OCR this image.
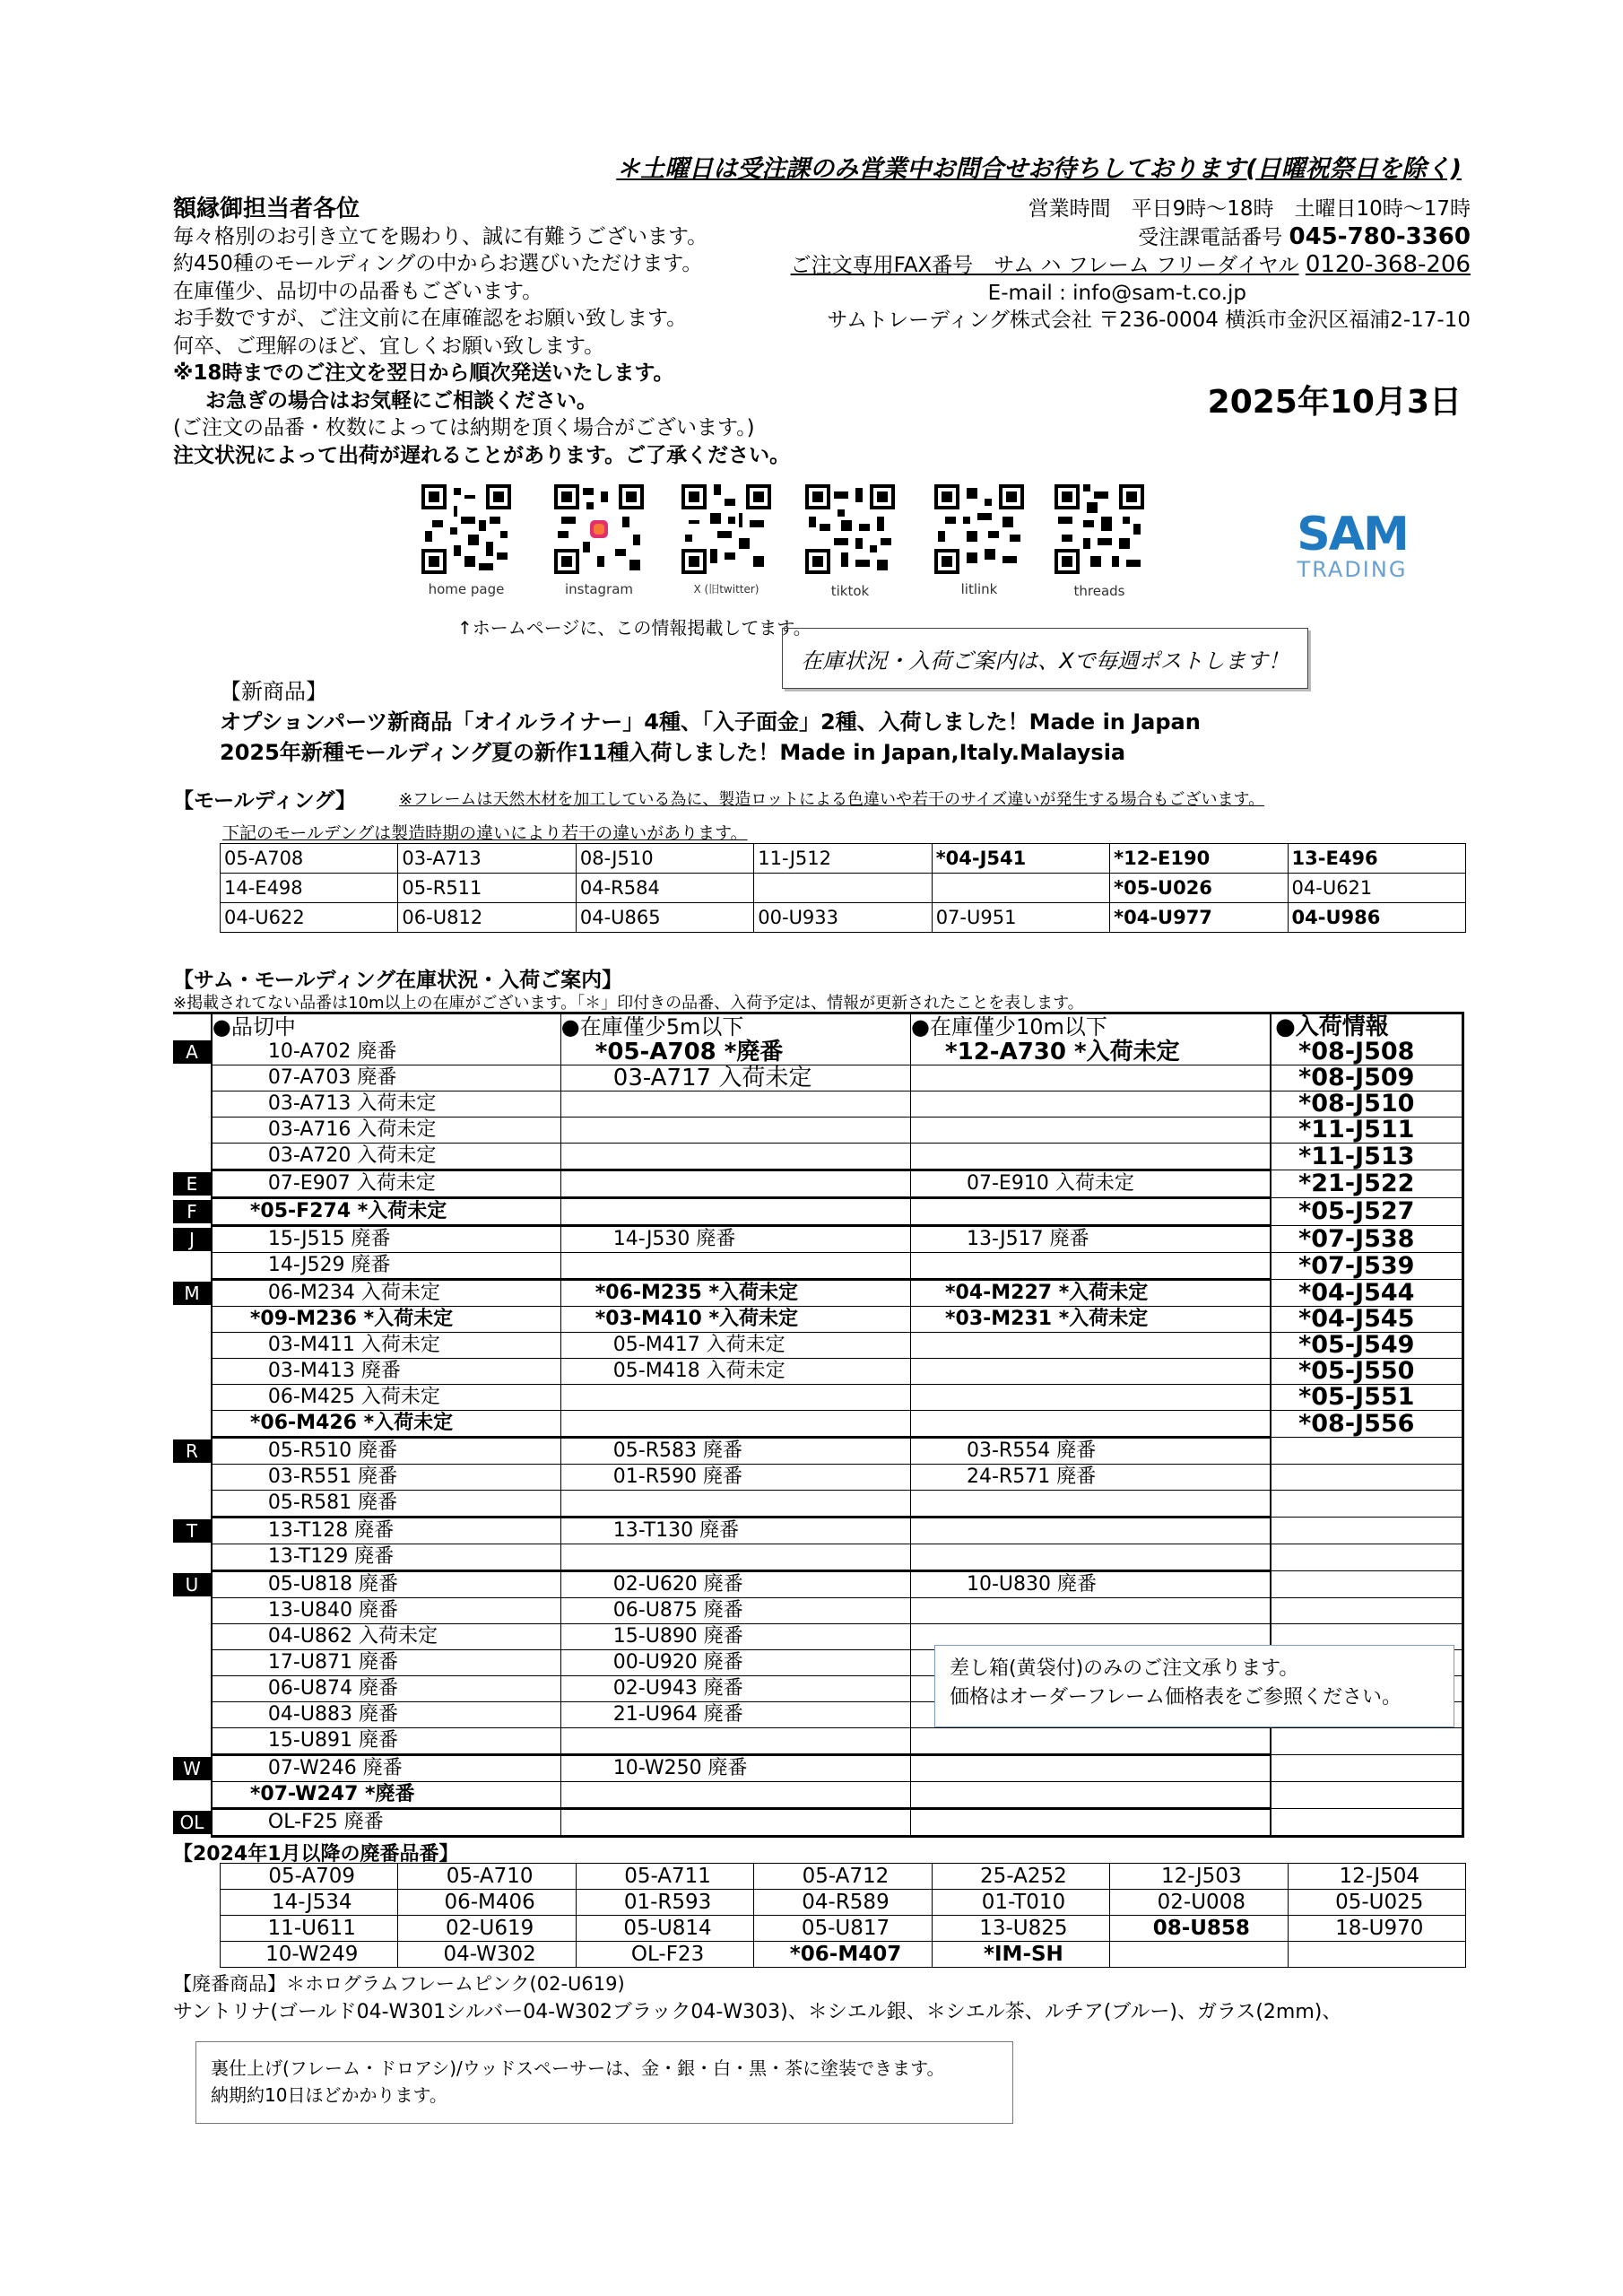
＊土曜日は受注課のみ営業中お問合せお待ちしております(日曜祝祭日を除く)
額縁御担当者各位
毎々格別のお引き立てを賜わり、誠に有難うございます。
約450種のモールディングの中からお選びいただけます。
在庫僅少、品切中の品番もございます。
お手数ですが、ご注文前に在庫確認をお願い致します。
何卒、ご理解のほど、宜しくお願い致します。
※18時までのご注文を翌日から順次発送いたします。
お急ぎの場合はお気軽にご相談ください。
(ご注文の品番・枚数によっては納期を頂く場合がございます。)
注文状況によって出荷が遅れることがあります。ご了承ください。
営業時間　平日9時～18時　土曜日10時～17時
受注課電話番号 045-780-3360
ご注文専用FAX番号　サム ハ フレーム フリーダイヤル 0120-368-206
E-mail : info@sam-t.co.jp
サムトレーディング株式会社 〒236-0004 横浜市金沢区福浦2-17-10
2025年10月3日
home page	instagram	X (旧twitter)	tiktok	litlink	threads
SAM
TRADING
↑ホームページに、この情報掲載してます。
在庫状況・入荷ご案内は、Xで毎週ポストします！
【新商品】
オプションパーツ新商品「オイルライナー」4種、「入子面金」2種、入荷しました！Made in Japan
2025年新種モールディング夏の新作11種入荷しました！Made in Japan,Italy.Malaysia
【モールディング】	※フレームは天然木材を加工している為に、製造ロットによる色違いや若干のサイズ違いが発生する場合もございます。
下記のモールデングは製造時期の違いにより若干の違いがあります。
05-A708	03-A713	08-J510	11-J512	*04-J541	*12-E190	13-E496
14-E498	05-R511	04-R584			*05-U026	04-U621
04-U622	06-U812	04-U865	00-U933	07-U951	*04-U977	04-U986
【サム・モールディング在庫状況・入荷ご案内】
※掲載されてない品番は10m以上の在庫がございます。「＊」印付きの品番、入荷予定は、情報が更新されたことを表します。
	●品切中	●在庫僅少5m以下	●在庫僅少10m以下	●入荷情報

A	10-A702 廃番	*05-A708 *廃番	*12-A730 *入荷未定	*08-J508
	07-A703 廃番	03-A717 入荷未定		*08-J509
	03-A713 入荷未定			*08-J510
	03-A716 入荷未定			*11-J511
	03-A720 入荷未定			*11-J513

E	07-E907 入荷未定		07-E910 入荷未定	*21-J522

F	*05-F274 *入荷未定			*05-J527

J	15-J515 廃番	14-J530 廃番	13-J517 廃番	*07-J538
	14-J529 廃番			*07-J539

M	06-M234 入荷未定	*06-M235 *入荷未定	*04-M227 *入荷未定	*04-J544
	*09-M236 *入荷未定	*03-M410 *入荷未定	*03-M231 *入荷未定	*04-J545
	03-M411 入荷未定	05-M417 入荷未定		*05-J549
	03-M413 廃番	05-M418 入荷未定		*05-J550
	06-M425 入荷未定			*05-J551
	*06-M426 *入荷未定			*08-J556

R	05-R510 廃番	05-R583 廃番	03-R554 廃番	
	03-R551 廃番	01-R590 廃番	24-R571 廃番	
	05-R581 廃番			

T	13-T128 廃番	13-T130 廃番		
	13-T129 廃番			

U	05-U818 廃番	02-U620 廃番	10-U830 廃番	
	13-U840 廃番	06-U875 廃番		
	04-U862 入荷未定	15-U890 廃番		
	17-U871 廃番	00-U920 廃番		
	06-U874 廃番	02-U943 廃番		
	04-U883 廃番	21-U964 廃番		
	15-U891 廃番			

W	07-W246 廃番	10-W250 廃番		
	*07-W247 *廃番			

OL	OL-F25 廃番			
差し箱(黄袋付)のみのご注文承ります。
価格はオーダーフレーム価格表をご参照ください。
【2024年1月以降の廃番品番】
05-A709	05-A710	05-A711	05-A712	25-A252	12-J503	12-J504
14-J534	06-M406	01-R593	04-R589	01-T010	02-U008	05-U025
11-U611	02-U619	05-U814	05-U817	13-U825	08-U858	18-U970
10-W249	04-W302	OL-F23	*06-M407	*IM-SH		
【廃番商品】＊ホログラムフレームピンク(02-U619)
サントリナ(ゴールド04-W301シルバー04-W302ブラック04-W303)、＊シエル銀、＊シエル茶、ルチア(ブルー)、ガラス(2mm)、
裏仕上げ(フレーム・ドロアシ)/ウッドスペーサーは、金・銀・白・黒・茶に塗装できます。
納期約10日ほどかかります。
